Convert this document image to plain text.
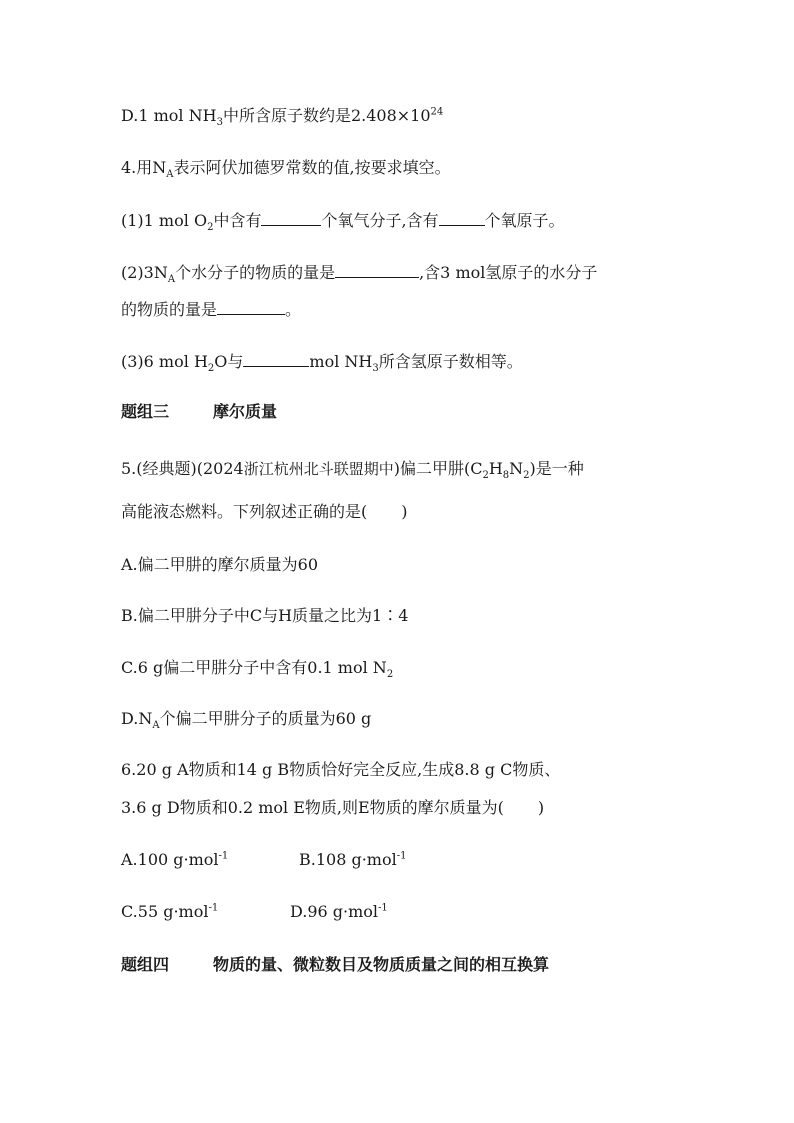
D.1 mol $NH_3$中所含原子数约是$2.408\times 10^{24}$
4.用$N_A$表示阿伏加德罗常数的值,按要求填空。
(1)1 mol $O_2$中含有	个氧气分子,含有	个氧原子。
$(2)3N_A$个水分子的物质的量是	,含3 mol氢原子的水分子
的物质的量是	。
(3)6 mol $H_2O$与	mol $NH_3$所含氢原子数相等。
题组三	摩尔质量
5.(经典题)(2024浙江杭州北斗联盟期中)偏二甲肼$(C_2H_8N_2)$是一种
高能液态燃料。下列叙述正确的是( )
A.偏二甲肼的摩尔质量为60
B.偏二甲肼分子中C与H质量之比为1∶4
C.6 g偏二甲肼分子中含有0.1 mol $N_2$
$D.N_A$个偏二甲肼分子的质量为60 g
6.20 g A物质和14 g B物质恰好完全反应,生成8.8 g C物质、
3.6 g D物质和0.2 mol E物质,则E物质的摩尔质量为( )
A.100 g·mol$^{-1}$	B.108 g·mol$^{-1}$
C.55 g·mol$^{-1}$	D.96 g·mol$^{-1}$
题组四	物质的量、微粒数目及物质质量之间的相互换算
